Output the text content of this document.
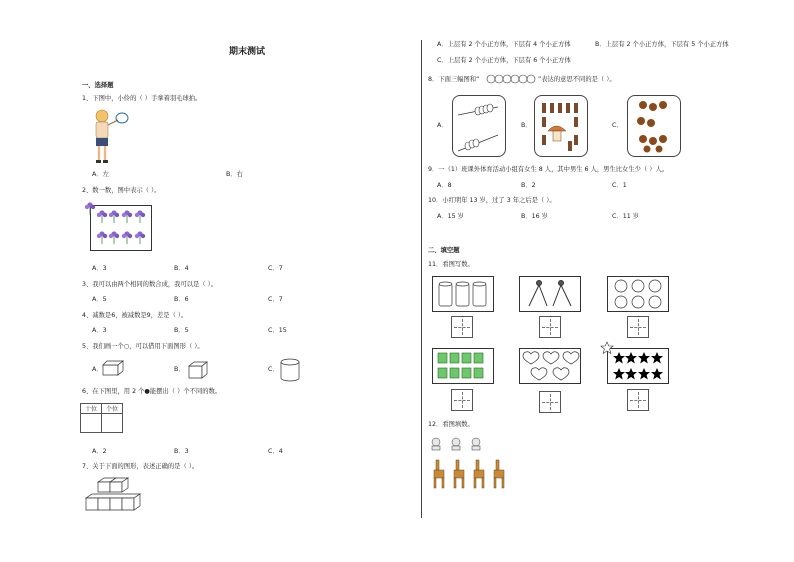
期末测试
一、选择题
1、下图中，小伶的（ ）手拿着羽毛球拍。
A．左	B．右
2、数一数，图中表示（ ）。
A．3	B．4	C．7
3、我可以由两个相同的数合成，我可以是（ ）。
A．5	B．6	C．7
4、减数是6，被减数是9，差是（ ）。
A．3	B．5	C．15
5、我们画一个○，可以借用下面图形（ ）。
A．	B．	C．
6、在下图里，用 2 个●能摆出（ ）个不同的数。
十位	个位

A．2	B．3	C．4
7、关于下面的图形，表述正确的是（ ）。
A．上层有 2 个小正方体，下层有 4 个小正方体	B．上层有 2 个小正方体，下层有 5 个小正方体
C．上层有 2 个小正方体，下层有 6 个小正方体
8．下面三幅图和“	”表达的意思不同的是（ ）。
A．	B．	C．
9．一（1）班课外体育活动小组有女生 8 人，其中男生 6 人，男生比女生少（ ）人。
A．8	B．2	C．1
10．小红明年 13 岁，过了 3 年之后是（ ）。
A．15 岁	B．16 岁	C．11 岁
二、填空题
11．看图写数。
12．看图填数。
